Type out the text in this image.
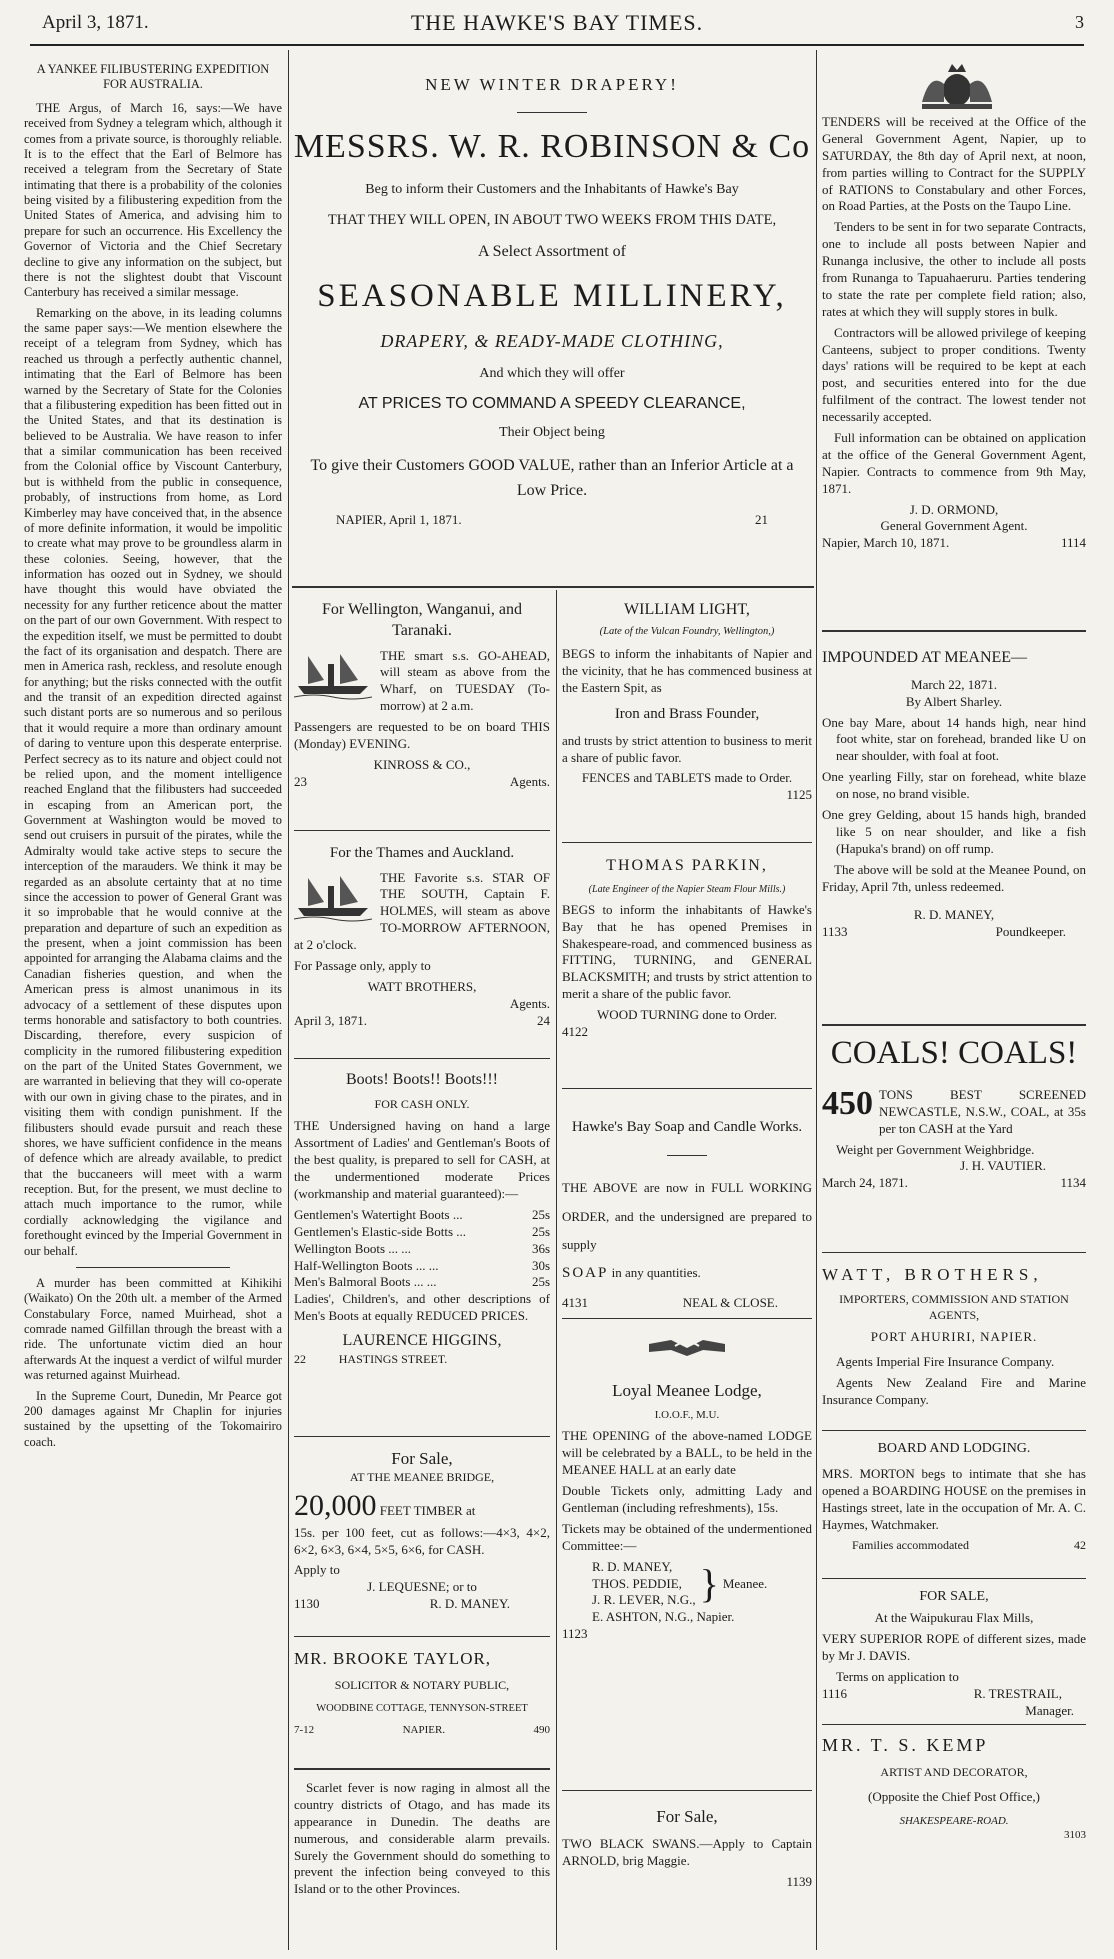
April 3, 1871.	THE HAWKE'S BAY TIMES.	3
A YANKEE FILIBUSTERING EXPEDITION FOR AUSTRALIA.

THE Argus, of March 16, says:—We have received from Sydney a telegram which, although it comes from a private source, is thoroughly reliable. It is to the effect that the Earl of Belmore has received a telegram from the Secretary of State intimating that there is a probability of the colonies being visited by a filibustering expedition from the United States of America, and advising him to prepare for such an occurrence. His Excellency the Governor of Victoria and the Chief Secretary decline to give any information on the subject, but there is not the slightest doubt that Viscount Canterbury has received a similar message.

Remarking on the above, in its leading columns the same paper says:—We mention elsewhere the receipt of a telegram from Sydney, which has reached us through a perfectly authentic channel, intimating that the Earl of Belmore has been warned by the Secretary of State for the Colonies that a filibustering expedition has been fitted out in the United States, and that its destination is believed to be Australia. We have reason to infer that a similar communication has been received from the Colonial office by Viscount Canterbury, but is withheld from the public in consequence, probably, of instructions from home, as Lord Kimberley may have conceived that, in the absence of more definite information, it would be impolitic to create what may prove to be groundless alarm in these colonies. Seeing, however, that the information has oozed out in Sydney, we should have thought this would have obviated the necessity for any further reticence about the matter on the part of our own Government. With respect to the expedition itself, we must be permitted to doubt the fact of its organisation and despatch. There are men in America rash, reckless, and resolute enough for anything; but the risks connected with the outfit and the transit of an expedition directed against such distant ports are so numerous and so perilous that it would require a more than ordinary amount of daring to venture upon this desperate enterprise. Perfect secrecy as to its nature and object could not be relied upon, and the moment intelligence reached England that the filibusters had succeeded in escaping from an American port, the Government at Washington would be moved to send out cruisers in pursuit of the pirates, while the Admiralty would take active steps to secure the interception of the marauders. We think it may be regarded as an absolute certainty that at no time since the accession to power of General Grant was it so improbable that he would connive at the preparation and departure of such an expedition as the present, when a joint commission has been appointed for arranging the Alabama claims and the Canadian fisheries question, and when the American press is almost unanimous in its advocacy of a settlement of these disputes upon terms honorable and satisfactory to both countries. Discarding, therefore, every suspicion of complicity in the rumored filibustering expedition on the part of the United States Government, we are warranted in believing that they will co-operate with our own in giving chase to the pirates, and in visiting them with condign punishment. If the filibusters should evade pursuit and reach these shores, we have sufficient confidence in the means of defence which are already available, to predict that the buccaneers will meet with a warm reception. But, for the present, we must decline to attach much importance to the rumor, while cordially acknowledging the vigilance and forethought evinced by the Imperial Government in our behalf.

A murder has been committed at Kihikihi (Waikato) On the 20th ult. a member of the Armed Constabulary Force, named Muirhead, shot a comrade named Gilfillan through the breast with a ride. The unfortunate victim died an hour afterwards At the inquest a verdict of wilful murder was returned against Muirhead.

In the Supreme Court, Dunedin, Mr Pearce got 200 damages against Mr Chaplin for injuries sustained by the upsetting of the Tokomairiro coach.

NEW WINTER DRAPERY!
MESSRS. W. R. ROBINSON & Co
Beg to inform their Customers and the Inhabitants of Hawke's Bay
THAT THEY WILL OPEN, IN ABOUT TWO WEEKS FROM THIS DATE,
A Select Assortment of
SEASONABLE MILLINERY,
DRAPERY, & READY-MADE CLOTHING,
And which they will offer
AT PRICES TO COMMAND A SPEEDY CLEARANCE,
Their Object being
To give their Customers GOOD VALUE, rather than an Inferior Article at a Low Price.
NAPIER, April 1, 1871.	21
For Wellington, Wanganui, and Taranaki.

THE smart s.s. GO-AHEAD, will steam as above from the Wharf, on TUESDAY (To-morrow) at 2 a.m.

Passengers are requested to be on board THIS (Monday) EVENING.

KINROSS & CO.,
23	Agents.
For the Thames and Auckland.

THE Favorite s.s. STAR OF THE SOUTH, Captain F. HOLMES, will steam as above TO-MORROW AFTERNOON, at 2 o'clock.

For Passage only, apply to

WATT BROTHERS,
Agents.
April 3, 1871.	24
Boots! Boots!! Boots!!!
FOR CASH ONLY.

THE Undersigned having on hand a large Assortment of Ladies' and Gentleman's Boots of the best quality, is prepared to sell for CASH, at the undermentioned moderate Prices (workmanship and material guaranteed):—

Gentlemen's Watertight Boots ...	25s
Gentlemen's Elastic-side Botts ...	25s
Wellington Boots ... ...	36s
Half-Wellington Boots ... ...	30s
Men's Balmoral Boots ... ...	25s

Ladies', Children's, and other descriptions of Men's Boots at equally REDUCED PRICES.

LAURENCE HIGGINS,
22	HASTINGS STREET.
For Sale,
AT THE MEANEE BRIDGE,
20,000 FEET TIMBER at

15s. per 100 feet, cut as follows:—4×3, 4×2, 6×2, 6×3, 6×4, 5×5, 6×6, for CASH.

Apply to
J. LEQUESNE; or to
1130	R. D. MANEY.
MR. BROOKE TAYLOR,
SOLICITOR & NOTARY PUBLIC,
WOODBINE COTTAGE, TENNYSON-STREET
7-12	NAPIER.	490

Scarlet fever is now raging in almost all the country districts of Otago, and has made its appearance in Dunedin. The deaths are numerous, and considerable alarm prevails. Surely the Government should do something to prevent the infection being conveyed to this Island or to the other Provinces.

WILLIAM LIGHT,
(Late of the Vulcan Foundry, Wellington,)

BEGS to inform the inhabitants of Napier and the vicinity, that he has commenced business at the Eastern Spit, as

Iron and Brass Founder,

and trusts by strict attention to business to merit a share of public favor.

FENCES and TABLETS made to Order.
1125
THOMAS PARKIN,
(Late Engineer of the Napier Steam Flour Mills.)

BEGS to inform the inhabitants of Hawke's Bay that he has opened Premises in Shakespeare-road, and commenced business as FITTING, TURNING, and GENERAL BLACKSMITH; and trusts by strict attention to merit a share of the public favor.

WOOD TURNING done to Order.
4122
Hawke's Bay Soap and Candle Works.

THE ABOVE are now in FULL WORKING ORDER, and the undersigned are prepared to supply

SOAP in any quantities.
4131	NEAL & CLOSE.
Loyal Meanee Lodge,
I.O.O.F., M.U.

THE OPENING of the above-named LODGE will be celebrated by a BALL, to be held in the MEANEE HALL at an early date

Double Tickets only, admitting Lady and Gentleman (including refreshments), 15s.

Tickets may be obtained of the undermentioned Committee:—

R. D. MANEY,
THOS. PEDDIE,
J. R. LEVER, N.G., } Meanee.
E. ASHTON, N.G., Napier.
1123
For Sale,

TWO BLACK SWANS.—Apply to Captain ARNOLD, brig Maggie.

1139

TENDERS will be received at the Office of the General Government Agent, Napier, up to SATURDAY, the 8th day of April next, at noon, from parties willing to Contract for the SUPPLY of RATIONS to Constabulary and other Forces, on Road Parties, at the Posts on the Taupo Line.

Tenders to be sent in for two separate Contracts, one to include all posts between Napier and Runanga inclusive, the other to include all posts from Runanga to Tapuahaeruru. Parties tendering to state the rate per complete field ration; also, rates at which they will supply stores in bulk.

Contractors will be allowed privilege of keeping Canteens, subject to proper conditions. Twenty days' rations will be required to be kept at each post, and securities entered into for the due fulfilment of the contract. The lowest tender not necessarily accepted.

Full information can be obtained on application at the office of the General Government Agent, Napier. Contracts to commence from 9th May, 1871.

J. D. ORMOND,
General Government Agent.
Napier, March 10, 1871.	1114
IMPOUNDED AT MEANEE—
March 22, 1871.
By Albert Sharley.

One bay Mare, about 14 hands high, near hind foot white, star on forehead, branded like U on near shoulder, with foal at foot.

One yearling Filly, star on forehead, white blaze on nose, no brand visible.

One grey Gelding, about 15 hands high, branded like 5 on near shoulder, and like a fish (Hapuka's brand) on off rump.

The above will be sold at the Meanee Pound, on Friday, April 7th, unless redeemed.

R. D. MANEY,
1133	Poundkeeper.
COALS! COALS!
450 TONS BEST SCREENED NEWCASTLE, N.S.W., COAL, at 35s per ton CASH at the Yard

Weight per Government Weighbridge.
J. H. VAUTIER.
March 24, 1871.	1134
WATT, BROTHERS,
IMPORTERS, COMMISSION AND STATION AGENTS,
PORT AHURIRI, NAPIER.

Agents Imperial Fire Insurance Company.

Agents New Zealand Fire and Marine Insurance Company.

BOARD AND LODGING.

MRS. MORTON begs to intimate that she has opened a BOARDING HOUSE on the premises in Hastings street, late in the occupation of Mr. A. C. Haymes, Watchmaker.

Families accommodated	42
FOR SALE,
At the Waipukurau Flax Mills,

VERY SUPERIOR ROPE of different sizes, made by Mr J. DAVIS.

Terms on application to
1116	R. TRESTRAIL,
Manager.
MR. T. S. KEMP
ARTIST AND DECORATOR,
(Opposite the Chief Post Office,)
SHAKESPEARE-ROAD.
3103
